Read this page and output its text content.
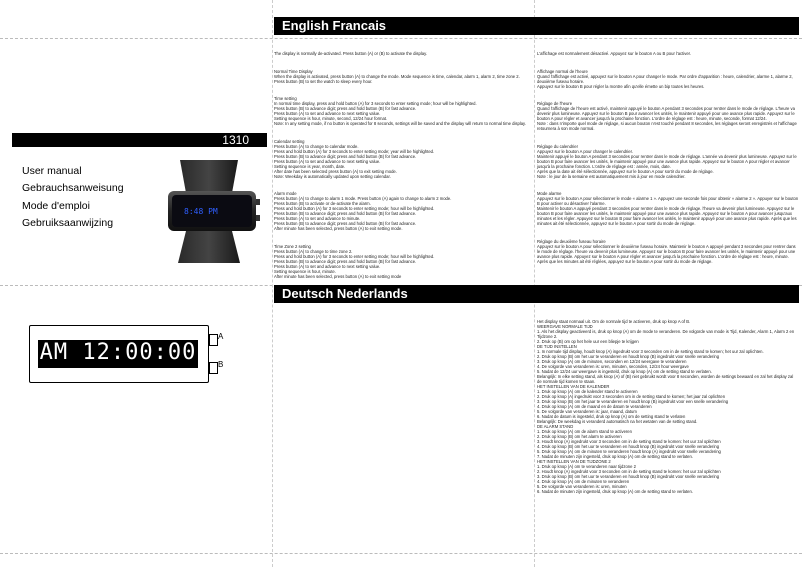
1310
User manual
Gebrauchsanweisung
Mode d'emploi
Gebruiksaanwijzing
8:48 PM
AM 12:00:00
A
B
English Francais

The display is normally de-activated. Press button (A) or (B) to activate the display.

Normal Time Display
When the display is activated, press button (A) to change the mode. Mode sequence is time, calendar, alarm 1, alarm 2, time zone 2.
Press button (B) to set the watch to sleep every hour.

Time setting
In normal time display, press and hold button (A) for 3 seconds to enter setting mode; hour will be highlighted.
Press button (B) to advance digit; press and hold button (B) for fast advance.
Press button (A) to set and advance to next setting value.
Setting sequence is hour, minute, second, 12/24 hour format.
Note: In any setting mode, if no button is operated for 8 seconds, settings will be saved and the display will return to normal time display.

Calendar setting
Press button (A) to change to calendar mode.
Press and hold button (A) for 3 seconds to enter setting mode; year will be highlighted.
Press button (B) to advance digit; press and hold button (B) for fast advance.
Press button (A) to set and advance to next setting value.
Setting sequence is year, month, date.
After date has been selected press button (A) to exit setting mode.
Note: Weekday is automatically updated upon setting calendar.

Alarm mode
Press button (A) to change to alarm 1 mode. Press button (A) again to change to alarm 2 mode.
Press button (B) to activate or de-activate the alarm.
Press and hold button (A) for 3 seconds to enter setting mode; hour will be highlighted.
Press button (B) to advance digit; press and hold button (B) for fast advance.
Press button (A) to set and advance to minute.
Press button (B) to advance digit; press and hold button (B) for fast advance.
After minute has been selected, press button (A) to exit setting mode.

Time Zone 2 setting
Press button (A) to change to time zone 2.
Press and hold button (A) for 3 seconds to enter setting mode; hour will be highlighted.
Press button (B) to advance digit; press and hold button (B) for fast advance.
Press button (A) to set and advance to next setting value.
Setting sequence is hour, minute.
After minute has been selected, press button (A) to exit setting mode

L'affichage est normalement désactivé. Appuyez sur le bouton A ou B pour l'activer.

Affichage normal de l'heure
Quand l'affichage est activé, appuyez sur le bouton A pour changer le mode. Par ordre d'apparition : heure, calendrier, alarme 1, alarme 2, deuxième fuseau horaire.
Appuyez sur le bouton B pour régler la montre afin qu'elle émette un bip toutes les heures.

Réglage de l'heure
Quand l'affichage de l'heure est activé, maintenir appuyé le bouton A pendant 3 secondes pour rentrer dans le mode de réglage. L'heure va devenir plus lumineuse. Appuyez sur le bouton B pour avancer les unités, le maintenir appuyé pour une avance plus rapide. Appuyez sur le bouton A pour régler et avancer jusqu'à la prochaine fonction. L'ordre de réglage est : heure, minute, seconde, format 12/24.
Note : dans n'importe quel mode de réglage, si aucun bouton n'est touché pendant 8 secondes, les réglages seront enregistrés et l'affichage retournera à son mode normal.

Réglage du calendrier
Appuyez sur le bouton A pour changer le calendrier.
Maintenir appuyé le bouton A pendant 3 secondes pour rentrer dans le mode de réglage. L'année va devenir plus lumineuse. Appuyez sur le bouton B pour faire avancer les unités, le maintenir appuyé pour une avance plus rapide. Appuyez sur le bouton A pour régler et avancer jusqu'à la prochaine fonction. L'ordre de réglage est : année, mois, date.
Après que la date ait été sélectionnée, appuyez sur le bouton A pour sortir du mode de réglage.
Note : le jour de la semaine est automatiquement mis à jour en mode calendrier.

Mode alarme
Appuyez sur le bouton A pour sélectionner le mode « alarme 1 ». Appuyez une seconde fois pour obtenir « alarme 2 ». Appuyer sur le bouton B pour activer ou désactiver l'alarme.
Maintenir le bouton A appuyé pendant 3 secondes pour rentrer dans le mode de réglage. l'heure va devenir plus lumineuse. Appuyez sur le bouton B pour faire avancer les unités, le maintenir appuyé pour une avance plus rapide. Appuyez sur le bouton A pour avancer jusqu'aux minutes et les régler. Appuyez sur le bouton B pour faire avancer les unités, le maintenir appuyé pour une avance plus rapide. Après que les minutes ait été sélectionnée, appuyez sur le bouton A pour sortir du mode de réglage.

Réglage du deuxième fuseau horaire
Appuyez sur le bouton A pour sélectionner le deuxième fuseau horaire. Maintenir le bouton A appuyé pendant 3 secondes pour rentrer dans le mode de réglage. l'heure va devenir plus lumineuse. Appuyez sur le bouton B pour faire avancer les unités, le maintenir appuyé pour une avance plus rapide. Appuyez sur le bouton A pour régler et avancer jusqu'à la prochaine fonction. L'ordre de réglage est : heure, minute. Après que les minutes ait été réglées, appuyez sur le bouton A pour sortir du mode de réglage.

Deutsch Nederlands

Het display staat normaal uit. Om de normale tijd te activeren, druk op knop A of B.
WEERGAVE NORMALE TIJD
1. Als het display geactiveerd is, druk op knop (A) om de mode te veranderen. De volgorde van mode is Tijd, Kalender, Alarm 1, Alarm 2 en Tijdzone 2.
2. Druk op (B) om op het hele uur een bliepje te krijgen
DE TIJD INSTELLEN
1. In normale tijd display, houdt knop (A) ingedrukt voor 3 seconden om in de setting stand te komen; het uur zal oplichten.
2. Druk op knop (B) om het uur te veranderen en houdt knop (B) ingedrukt voor snelle verandering
3. Druk op knop (A) om de minuten, seconden en 12/24 weergave te veranderen
4. De volgorde van veranderen is: uren, minuten, seconden, 12/24 hour weergave
5. Nadat de 12/24 uur weergave is ingesteld, druk op knop (A) om de setting stand te verlaten.
Belangrijk: In elke setting stand, als knop (A) of (B) niet gebruikt wordt voor 8 seconden, worden de settings bewaard en zal het display zal de normale tijd komen te staan.
HET INSTELLEN VAN DE KALENDER
1. Druk op knop (A) om de kalender stand te activeren
2. Druk op knop (A) ingedrukt voor 3 seconden om in de setting stand te komen; het jaar zal oplichten
3. Druk op knop (B) om het jaar te veranderen en houdt knop (B) ingedrukt voor een snelle verandering
4. Druk op knop (A) om de maand en de datum te veranderen
5. De volgorde van veranderen is: jaar, maand, datum
6. Nadat de datum is ingesteld, druk op knop (A) om de setting stand te verlaten
Belangrijk: De weekdag is veranderd automatisch na het wetaten van de setting stand.
DE ALARM STAND
1. Druk op knop (A) om de alarm stand te activeren
2. Druk op knop (B) om het alarm te activeren
3. Houdt knop (A) ingedrukt voor 3 seconden om in de setting stand te komen: het uur zal oplichten
4. Druk op knop (B) om het uur te veranderen en houdt knop (B) ingedrukt voor snelle verandering
5. Druk op knop (A) om de minuten te veranderen houdt knop (A) ingedrukt voor snelle verandering
7. Nadat de minuten zijn ingesteld, druk op knop (A) om de setting stand te verlaten.
HET INSTELLEN VAN DE TIJDZONE 2
1. Druk op knop (A) om te veranderen naar tijdzone 2
2. Houdt knop (A) ingedrukt voor 3 seconden om in de setting stand te komen: het uur zal oplichten
3. Druk op knop (B) om het uur te veranderen en houdt knop (B) ingedrukt voor snelle verandering
4. Druk op knop (A) om de minuten te veranderen
5. De volgorde van veranderen is: uren, minuten
6. Nadat de minuten zijn ingesteld, druk op knop (A) om de setting stand te verlaten.
